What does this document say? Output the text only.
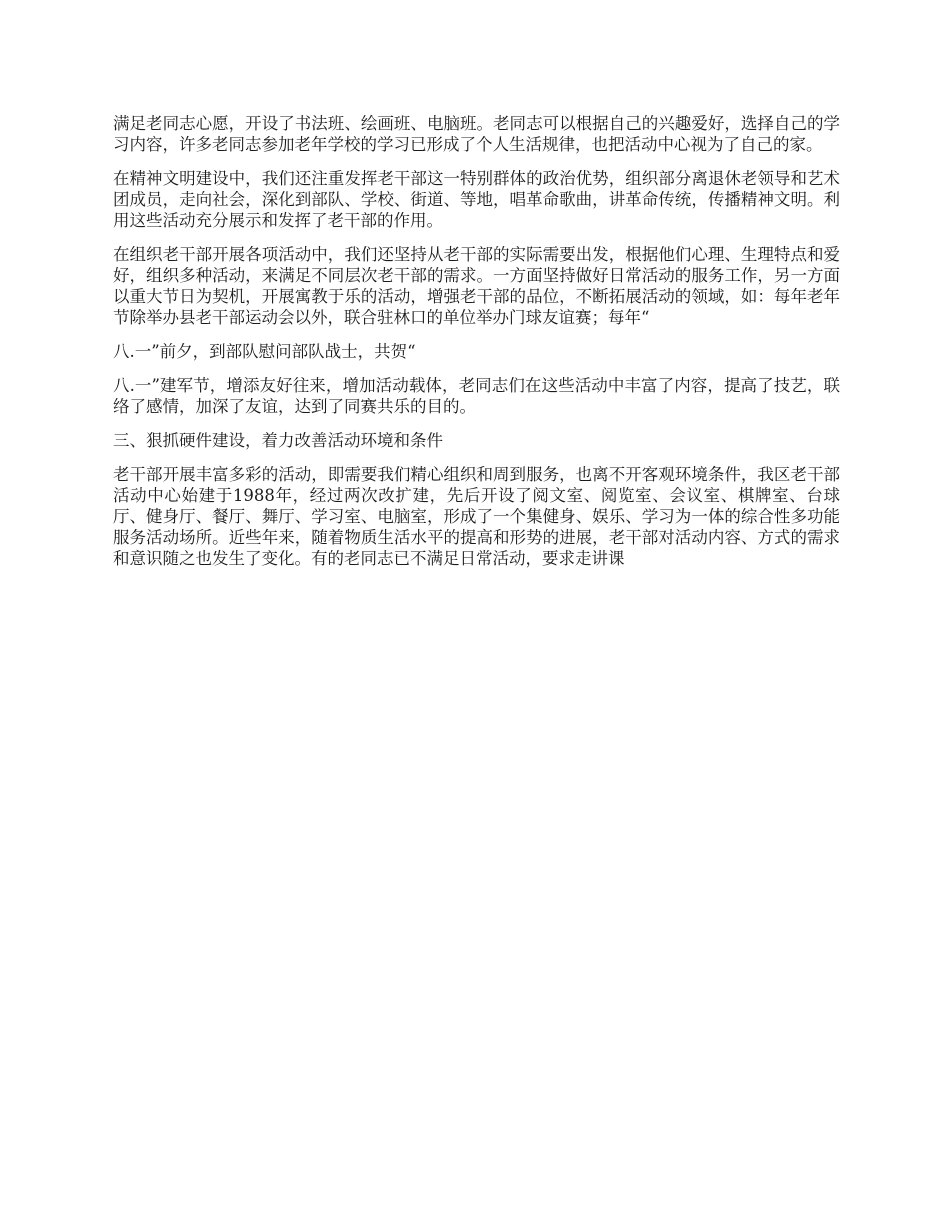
满足老同志心愿，开设了书法班、绘画班、电脑班。老同志可以根据自己的兴趣爱好，选择自己的学习内容，许多老同志参加老年学校的学习已形成了个人生活规律，也把活动中心视为了自己的家。

在精神文明建设中，我们还注重发挥老干部这一特别群体的政治优势，组织部分离退休老领导和艺术团成员，走向社会，深化到部队、学校、街道、等地，唱革命歌曲，讲革命传统，传播精神文明。利用这些活动充分展示和发挥了老干部的作用。

在组织老干部开展各项活动中，我们还坚持从老干部的实际需要出发，根据他们心理、生理特点和爱好，组织多种活动，来满足不同层次老干部的需求。一方面坚持做好日常活动的服务工作，另一方面以重大节日为契机，开展寓教于乐的活动，增强老干部的品位，不断拓展活动的领域，如：每年老年节除举办县老干部运动会以外，联合驻林口的单位举办门球友谊赛；每年“

八.一”前夕，到部队慰问部队战士，共贺“

八.一”建军节，增添友好往来，增加活动载体，老同志们在这些活动中丰富了内容，提高了技艺，联络了感情，加深了友谊，达到了同赛共乐的目的。

三、狠抓硬件建设，着力改善活动环境和条件

老干部开展丰富多彩的活动，即需要我们精心组织和周到服务，也离不开客观环境条件，我区老干部活动中心始建于1988年，经过两次改扩建，先后开设了阅文室、阅览室、会议室、棋牌室、台球厅、健身厅、餐厅、舞厅、学习室、电脑室，形成了一个集健身、娱乐、学习为一体的综合性多功能服务活动场所。近些年来，随着物质生活水平的提高和形势的进展，老干部对活动内容、方式的需求和意识随之也发生了变化。有的老同志已不满足日常活动，要求走讲课
